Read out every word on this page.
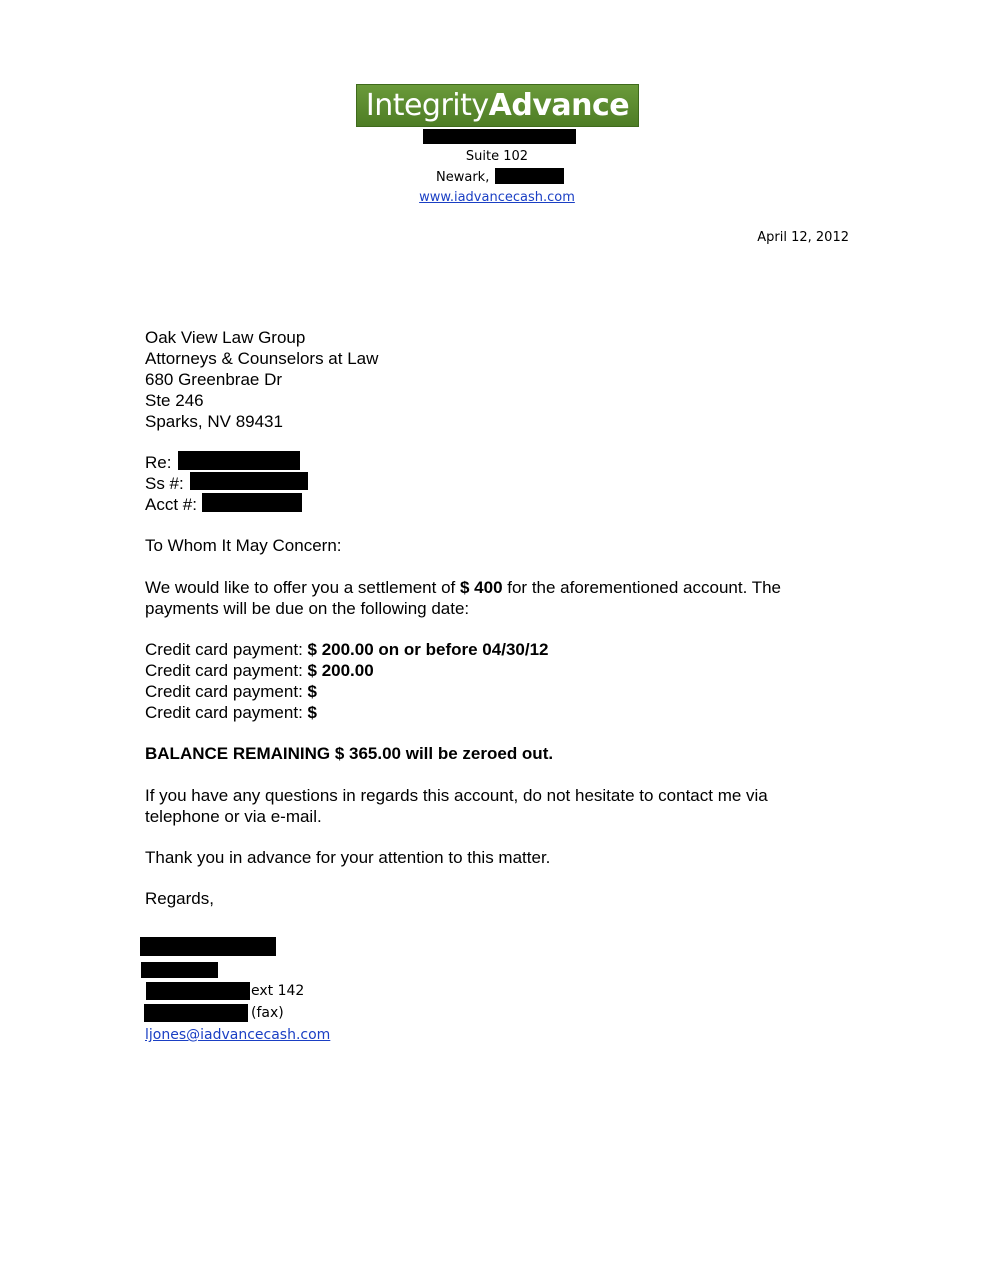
Integrity Advance
Suite 102
Newark,
www.iadvancecash.com
April 12, 2012
Oak View Law Group
Attorneys & Counselors at Law
680 Greenbrae Dr
Ste 246
Sparks, NV 89431
Re:
Ss #:
Acct #:
To Whom It May Concern:
We would like to offer you a settlement of $ 400 for the aforementioned account. The payments will be due on the following date:
Credit card payment: $ 200.00 on or before 04/30/12
Credit card payment: $ 200.00
Credit card payment: $
Credit card payment: $
BALANCE REMAINING $ 365.00 will be zeroed out.
If you have any questions in regards this account, do not hesitate to contact me via telephone or via e-mail.
Thank you in advance for your attention to this matter.
Regards,
ext 142
(fax)
ljones@iadvancecash.com
